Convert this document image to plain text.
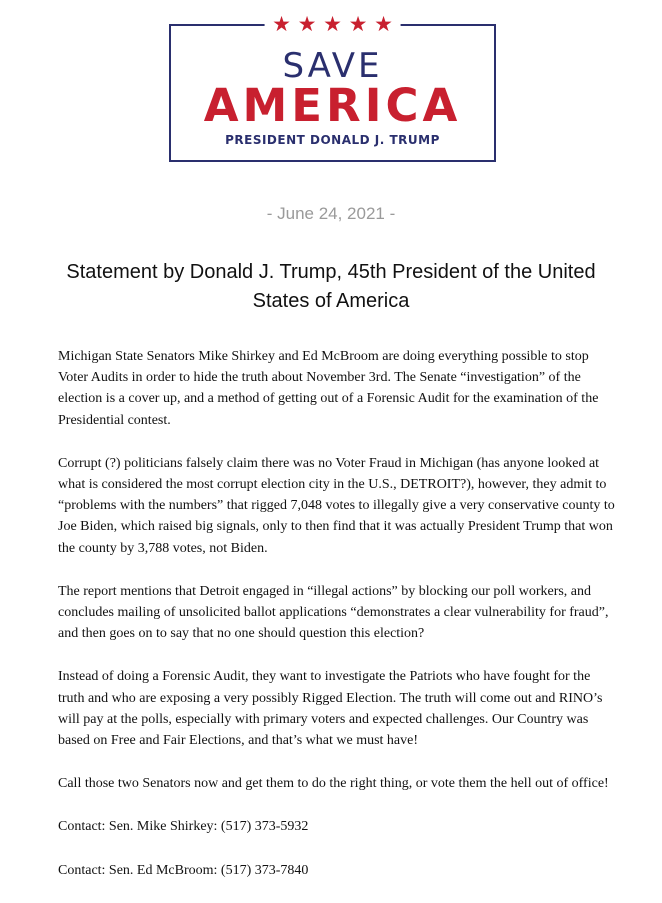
★ ★ ★ ★ ★
SAVE
AMERICA
PRESIDENT DONALD J. TRUMP
- June 24, 2021 -
Statement by Donald J. Trump, 45th President of the United States of America

Michigan State Senators Mike Shirkey and Ed McBroom are doing everything possible to stop Voter Audits in order to hide the truth about November 3rd. The Senate “investigation” of the election is a cover up, and a method of getting out of a Forensic Audit for the examination of the Presidential contest.

Corrupt (?) politicians falsely claim there was no Voter Fraud in Michigan (has anyone looked at what is considered the most corrupt election city in the U.S., DETROIT?), however, they admit to “problems with the numbers” that rigged 7,048 votes to illegally give a very conservative county to Joe Biden, which raised big signals, only to then find that it was actually President Trump that won the county by 3,788 votes, not Biden.

The report mentions that Detroit engaged in “illegal actions” by blocking our poll workers, and concludes mailing of unsolicited ballot applications “demonstrates a clear vulnerability for fraud”, and then goes on to say that no one should question this election?

Instead of doing a Forensic Audit, they want to investigate the Patriots who have fought for the truth and who are exposing a very possibly Rigged Election. The truth will come out and RINO’s will pay at the polls, especially with primary voters and expected challenges. Our Country was based on Free and Fair Elections, and that’s what we must have!

Call those two Senators now and get them to do the right thing, or vote them the hell out of office!

Contact: Sen. Mike Shirkey: (517) 373-5932

Contact: Sen. Ed McBroom: (517) 373-7840
